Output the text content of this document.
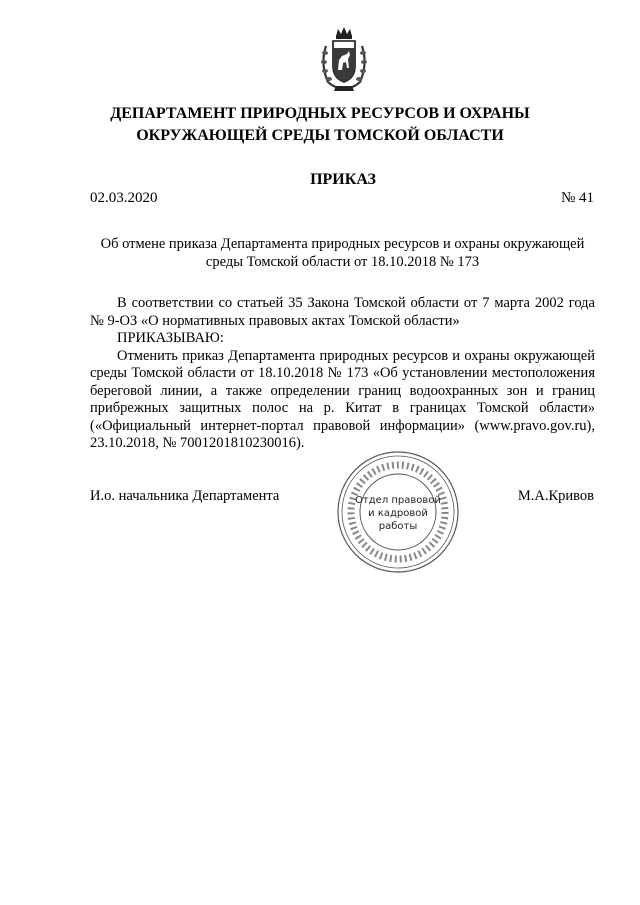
ДЕПАРТАМЕНТ ПРИРОДНЫХ РЕСУРСОВ И ОХРАНЫ
ОКРУЖАЮЩЕЙ СРЕДЫ ТОМСКОЙ ОБЛАСТИ
ПРИКАЗ
02.03.2020	№ 41
Об отмене приказа Департамента природных ресурсов и охраны окружающей
среды Томской области от 18.10.2018 № 173

В соответствии со статьей 35 Закона Томской области от 7 марта 2002 года № 9-ОЗ «О нормативных правовых актах Томской области»

ПРИКАЗЫВАЮ:

Отменить приказ Департамента природных ресурсов и охраны окружающей среды Томской области от 18.10.2018 № 173 «Об установлении местоположения береговой линии, а также определении границ водоохранных зон и границ прибрежных защитных полос на р. Китат в границах Томской области» («Официальный интернет-портал правовой информации» (www.pravo.gov.ru), 23.10.2018, № 7001201810230016).

И.о. начальника Департамента	М.А.Кривов
Отдел правовой
и кадровой
работы
